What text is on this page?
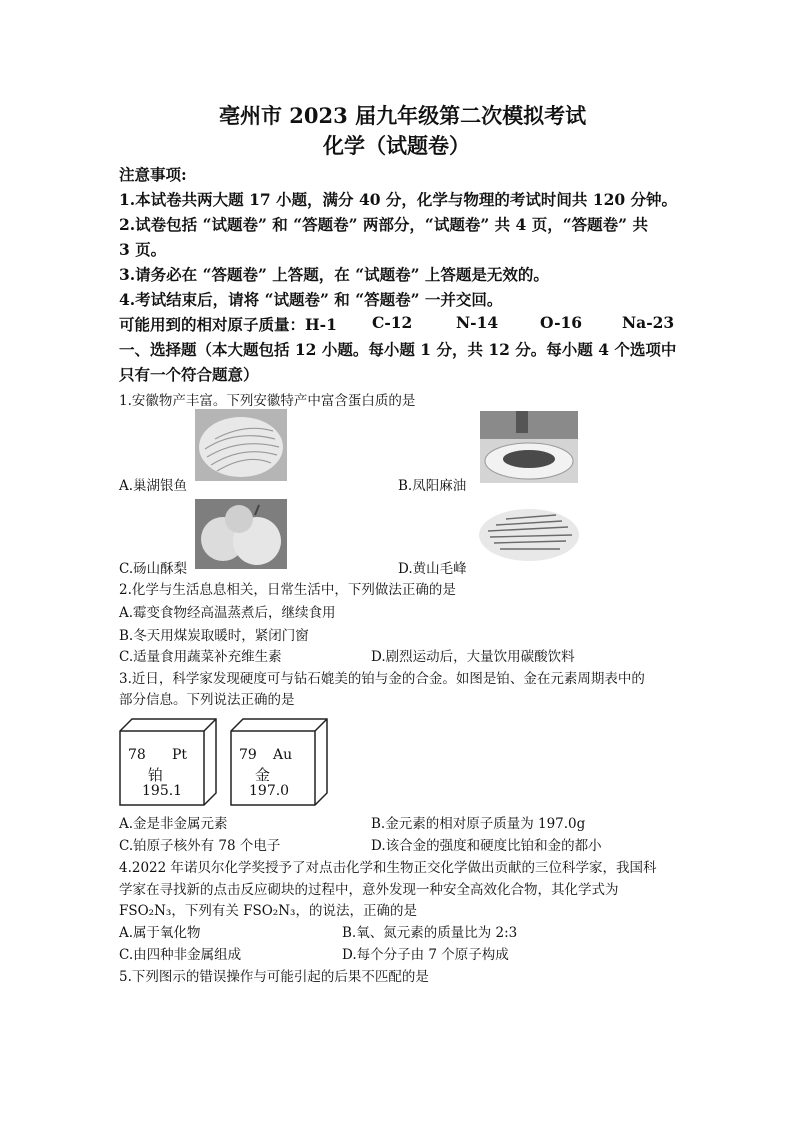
亳州市 2023 届九年级第二次模拟考试
化学（试题卷）
注意事项:
1.本试卷共两大题 17 小题，满分 40 分，化学与物理的考试时间共 120 分钟。
2.试卷包括 “试题卷” 和 “答题卷” 两部分，“试题卷” 共 4 页，“答题卷” 共
3 页。
3.请务必在 “答题卷” 上答题，在 “试题卷” 上答题是无效的。
4.考试结束后，请将 “试题卷” 和 “答题卷” 一并交回。
可能用到的相对原子质量：H-1 C-12	N-14	O-16	Na-23
一、选择题（本大题包括 12 小题。每小题 1 分，共 12 分。每小题 4 个选项中
只有一个符合题意）
1.安徽物产丰富。下列安徽特产中富含蛋白质的是
A.巢湖银鱼	B.凤阳麻油
C.砀山酥梨	D.黄山毛峰
2.化学与生活息息相关，日常生活中，下列做法正确的是
A.霉变食物经高温蒸煮后，继续食用
B.冬天用煤炭取暖时，紧闭门窗
C.适量食用蔬菜补充维生素	D.剧烈运动后，大量饮用碳酸饮料
3.近日，科学家发现硬度可与钻石媲美的铂与金的合金。如图是铂、金在元素周期表中的
部分信息。下列说法正确的是
78 Pt
铂
195.1
79 Au
金
197.0
A.金是非金属元素	B.金元素的相对原子质量为 197.0g
C.铂原子核外有 78 个电子	D.该合金的强度和硬度比铂和金的都小
4.2022 年诺贝尔化学奖授予了对点击化学和生物正交化学做出贡献的三位科学家，我国科
学家在寻找新的点击反应砌块的过程中，意外发现一种安全高效化合物，其化学式为
FSO₂N₃，下列有关 FSO₂N₃，的说法，正确的是
A.属于氧化物	B.氧、氮元素的质量比为 2:3
C.由四种非金属组成	D.每个分子由 7 个原子构成
5.下列图示的错误操作与可能引起的后果不匹配的是
